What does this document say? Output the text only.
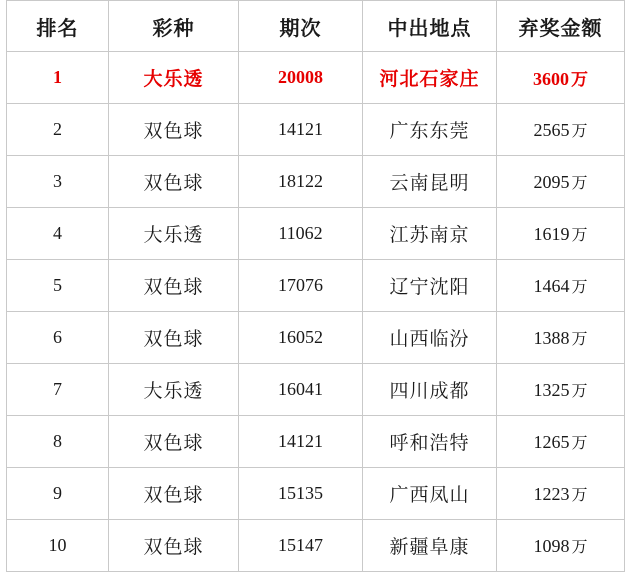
排名	彩种	期次	中出地点	弃奖金额
1	大乐透	20008	河北石家庄	3600 万
2	双色球	14121	广东东莞	2565 万
3	双色球	18122	云南昆明	2095 万
4	大乐透	11062	江苏南京	1619 万
5	双色球	17076	辽宁沈阳	1464 万
6	双色球	16052	山西临汾	1388 万
7	大乐透	16041	四川成都	1325 万
8	双色球	14121	呼和浩特	1265 万
9	双色球	15135	广西凤山	1223 万
10	双色球	15147	新疆阜康	1098 万
